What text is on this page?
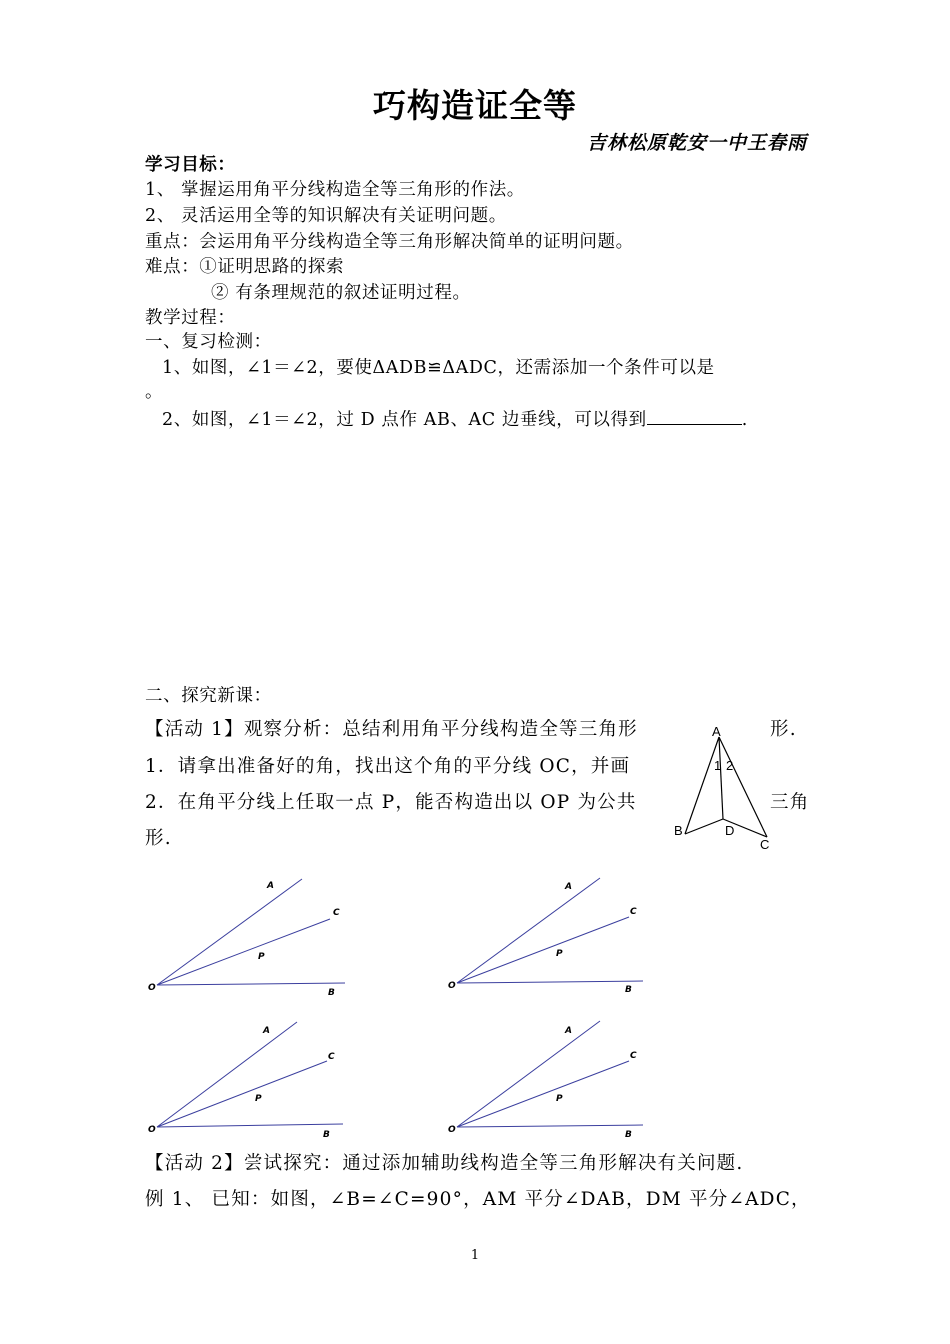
巧构造证全等
吉林松原乾安一中王春雨
学习目标：
1、 掌握运用角平分线构造全等三角形的作法。
2、 灵活运用全等的知识解决有关证明问题。
重点：会运用角平分线构造全等三角形解决简单的证明问题。
难点：①证明思路的探索
② 有条理规范的叙述证明过程。
教学过程：
一、复习检测：
1、如图，∠1＝∠2，要使ΔADB≌ΔADC，还需添加一个条件可以是
。
2、如图，∠1＝∠2，过 D 点作 AB、AC 边垂线，可以得到	.
二、探究新课：
【活动 1】观察分析：总结利用角平分线构造全等三角形	形.
1．请拿出准备好的角，找出这个角的平分线 OC，并画
2．在角平分线上任取一点 P，能否构造出以 OP 为公共	三角
形.
A
1 2
B	D
C
A
C
P
O	B
A
C
P
O	B
A
C
P
O	B
A
C
P
O	B
【活动 2】尝试探究：通过添加辅助线构造全等三角形解决有关问题.
例 1、 已知：如图，∠B=∠C=90°，AM 平分∠DAB，DM 平分∠ADC，
1
